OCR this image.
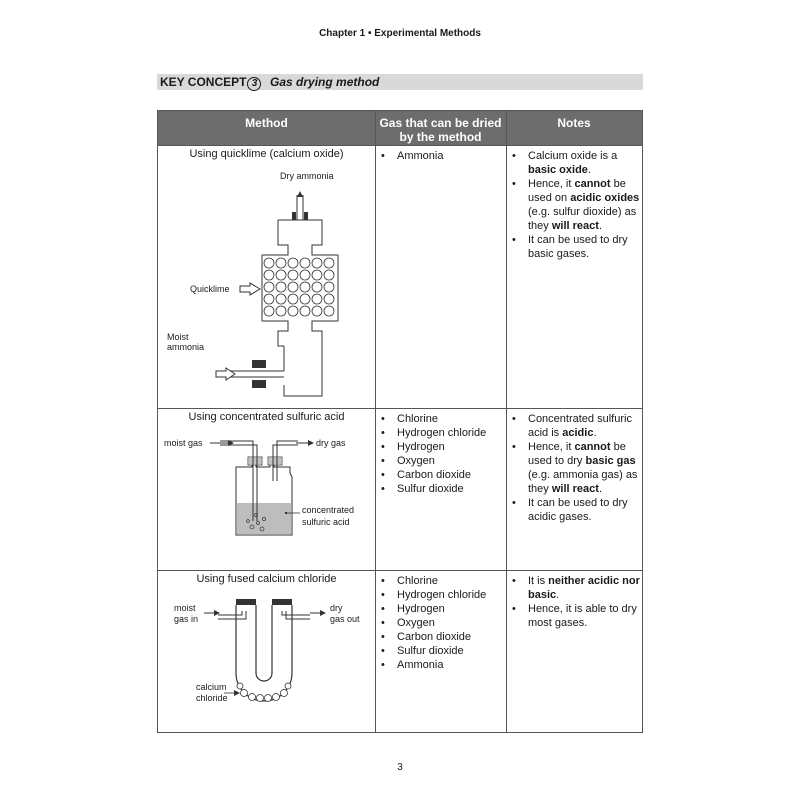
Chapter 1 • Experimental Methods
KEY CONCEPT 3	Gas drying method
Method	Gas that can be dried by the method
Notes
Using quicklime (calcium oxide)
Dry ammonia
Quicklime
Moist
ammonia
• Ammonia
•	Calcium oxide is a basic oxide.
• Hence, it cannot be used on acidic oxides (e.g. sulfur dioxide) as they will react.
• It can be used to dry basic gases.
Using concentrated sulfuric acid
moist gas	dry gas
concentrated
sulfuric acid
• Chlorine
• Hydrogen chloride
• Hydrogen
• Oxygen
• Carbon dioxide
• Sulfur dioxide
• Concentrated sulfuric acid is acidic.
• Hence, it cannot be used to dry basic gas (e.g. ammonia gas) as they will react.
• It can be used to dry acidic gases.
Using fused calcium chloride
moist
gas in
dry
gas out
calcium
chloride
• Chlorine
• Hydrogen chloride
• Hydrogen
• Oxygen
• Carbon dioxide
• Sulfur dioxide
• Ammonia
• It is neither acidic nor basic.
• Hence, it is able to dry most gases.
3
